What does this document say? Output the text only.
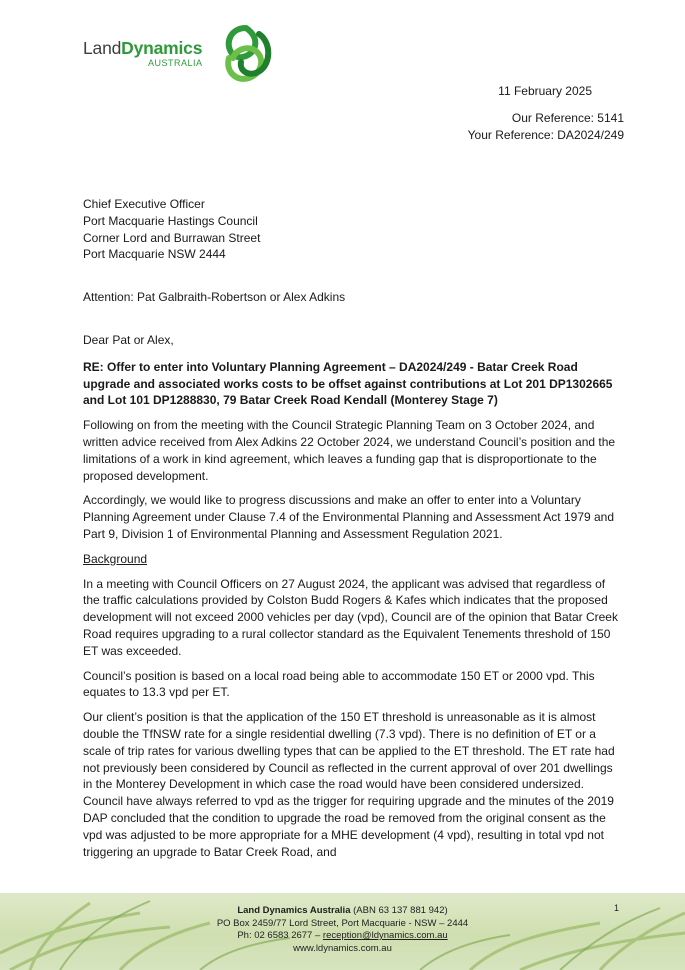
LandDynamics
AUSTRALIA
11 February 2025
Our Reference: 5141
Your Reference: DA2024/249
Chief Executive Officer
Port Macquarie Hastings Council
Corner Lord and Burrawan Street
Port Macquarie NSW 2444

Attention: Pat Galbraith-Robertson or Alex Adkins

Dear Pat or Alex,

RE: Offer to enter into Voluntary Planning Agreement – DA2024/249 - Batar Creek Road upgrade and associated works costs to be offset against contributions at Lot 201 DP1302665 and Lot 101 DP1288830, 79 Batar Creek Road Kendall (Monterey Stage 7)

Following on from the meeting with the Council Strategic Planning Team on 3 October 2024, and written advice received from Alex Adkins 22 October 2024, we understand Council’s position and the limitations of a work in kind agreement, which leaves a funding gap that is disproportionate to the proposed development.

Accordingly, we would like to progress discussions and make an offer to enter into a Voluntary Planning Agreement under Clause 7.4 of the Environmental Planning and Assessment Act 1979 and Part 9, Division 1 of Environmental Planning and Assessment Regulation 2021.

Background

In a meeting with Council Officers on 27 August 2024, the applicant was advised that regardless of the traffic calculations provided by Colston Budd Rogers & Kafes which indicates that the proposed development will not exceed 2000 vehicles per day (vpd), Council are of the opinion that Batar Creek Road requires upgrading to a rural collector standard as the Equivalent Tenements threshold of 150 ET was exceeded.

Council’s position is based on a local road being able to accommodate 150 ET or 2000 vpd. This equates to 13.3 vpd per ET.

Our client’s position is that the application of the 150 ET threshold is unreasonable as it is almost double the TfNSW rate for a single residential dwelling (7.3 vpd). There is no definition of ET or a scale of trip rates for various dwelling types that can be applied to the ET threshold. The ET rate had not previously been considered by Council as reflected in the current approval of over 201 dwellings in the Monterey Development in which case the road would have been considered undersized. Council have always referred to vpd as the trigger for requiring upgrade and the minutes of the 2019 DAP concluded that the condition to upgrade the road be removed from the original consent as the vpd was adjusted to be more appropriate for a MHE development (4 vpd), resulting in total vpd not triggering an upgrade to Batar Creek Road, and

Land Dynamics Australia (ABN 63 137 881 942)
PO Box 2459/77 Lord Street, Port Macquarie - NSW – 2444
Ph: 02 6583 2677 – reception@ldynamics.com.au
www.ldynamics.com.au
1
